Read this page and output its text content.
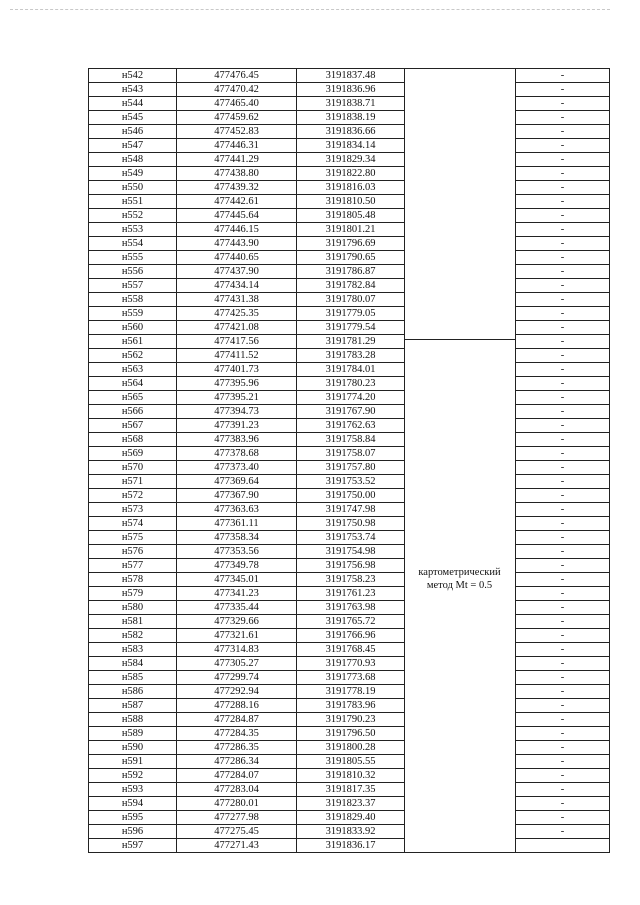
н542	477476.45	3191837.48		-
н543	477470.42	3191836.96		-
н544	477465.40	3191838.71		-
н545	477459.62	3191838.19		-
н546	477452.83	3191836.66		-
н547	477446.31	3191834.14		-
н548	477441.29	3191829.34		-
н549	477438.80	3191822.80		-
н550	477439.32	3191816.03		-
н551	477442.61	3191810.50		-
н552	477445.64	3191805.48		-
н553	477446.15	3191801.21		-
н554	477443.90	3191796.69		-
н555	477440.65	3191790.65		-
н556	477437.90	3191786.87		-
н557	477434.14	3191782.84		-
н558	477431.38	3191780.07		-
н559	477425.35	3191779.05		-
н560	477421.08	3191779.54		-
н561	477417.56	3191781.29		-
н562	477411.52	3191783.28		-
н563	477401.73	3191784.01		-
н564	477395.96	3191780.23		-
н565	477395.21	3191774.20		-
н566	477394.73	3191767.90		-
н567	477391.23	3191762.63		-
н568	477383.96	3191758.84		-
н569	477378.68	3191758.07		-
н570	477373.40	3191757.80		-
н571	477369.64	3191753.52		-
н572	477367.90	3191750.00		-
н573	477363.63	3191747.98		-
н574	477361.11	3191750.98		-
н575	477358.34	3191753.74		-
н576	477353.56	3191754.98		-
н577	477349.78	3191756.98		-
н578	477345.01	3191758.23		-
н579	477341.23	3191761.23		-
н580	477335.44	3191763.98		-
н581	477329.66	3191765.72		-
н582	477321.61	3191766.96		-
н583	477314.83	3191768.45		-
н584	477305.27	3191770.93		-
н585	477299.74	3191773.68		-
н586	477292.94	3191778.19		-
н587	477288.16	3191783.96		-
н588	477284.87	3191790.23		-
н589	477284.35	3191796.50		-
н590	477286.35	3191800.28		-
н591	477286.34	3191805.55		-
н592	477284.07	3191810.32		-
н593	477283.04	3191817.35		-
н594	477280.01	3191823.37		-
н595	477277.98	3191829.40		-
н596	477275.45	3191833.92		-
н597	477271.43	3191836.17		
картометрический
метод Mt = 0.5
